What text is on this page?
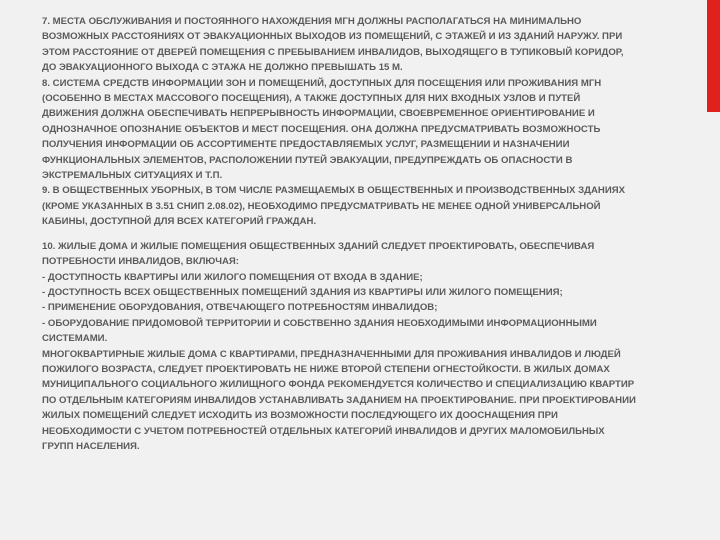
7. МЕСТА ОБСЛУЖИВАНИЯ И ПОСТОЯННОГО НАХОЖДЕНИЯ МГН ДОЛЖНЫ РАСПОЛАГАТЬСЯ НА МИНИМАЛЬНО ВОЗМОЖНЫХ РАССТОЯНИЯХ ОТ ЭВАКУАЦИОННЫХ ВЫХОДОВ ИЗ ПОМЕЩЕНИЙ, С ЭТАЖЕЙ И ИЗ ЗДАНИЙ НАРУЖУ. ПРИ ЭТОМ РАССТОЯНИЕ ОТ ДВЕРЕЙ ПОМЕЩЕНИЯ С ПРЕБЫВАНИЕМ ИНВАЛИДОВ, ВЫХОДЯЩЕГО В ТУПИКОВЫЙ КОРИДОР, ДО ЭВАКУАЦИОННОГО ВЫХОДА С ЭТАЖА НЕ ДОЛЖНО ПРЕВЫШАТЬ 15 М.

8. СИСТЕМА СРЕДСТВ ИНФОРМАЦИИ ЗОН И ПОМЕЩЕНИЙ, ДОСТУПНЫХ ДЛЯ ПОСЕЩЕНИЯ ИЛИ ПРОЖИВАНИЯ МГН (ОСОБЕННО В МЕСТАХ МАССОВОГО ПОСЕЩЕНИЯ), А ТАКЖЕ ДОСТУПНЫХ ДЛЯ НИХ ВХОДНЫХ УЗЛОВ И ПУТЕЙ ДВИЖЕНИЯ ДОЛЖНА ОБЕСПЕЧИВАТЬ НЕПРЕРЫВНОСТЬ ИНФОРМАЦИИ, СВОЕВРЕМЕННОЕ ОРИЕНТИРОВАНИЕ И ОДНОЗНАЧНОЕ ОПОЗНАНИЕ ОБЪЕКТОВ И МЕСТ ПОСЕЩЕНИЯ. ОНА ДОЛЖНА ПРЕДУСМАТРИВАТЬ ВОЗМОЖНОСТЬ ПОЛУЧЕНИЯ ИНФОРМАЦИИ ОБ АССОРТИМЕНТЕ ПРЕДОСТАВЛЯЕМЫХ УСЛУГ, РАЗМЕЩЕНИИ И НАЗНАЧЕНИИ ФУНКЦИОНАЛЬНЫХ ЭЛЕМЕНТОВ, РАСПОЛОЖЕНИИ ПУТЕЙ ЭВАКУАЦИИ, ПРЕДУПРЕЖДАТЬ ОБ ОПАСНОСТИ В ЭКСТРЕМАЛЬНЫХ СИТУАЦИЯХ И Т.П.

9. В ОБЩЕСТВЕННЫХ УБОРНЫХ, В ТОМ ЧИСЛЕ РАЗМЕЩАЕМЫХ В ОБЩЕСТВЕННЫХ И ПРОИЗВОДСТВЕННЫХ ЗДАНИЯХ (КРОМЕ УКАЗАННЫХ В 3.51 СНИП 2.08.02), НЕОБХОДИМО ПРЕДУСМАТРИВАТЬ НЕ МЕНЕЕ ОДНОЙ УНИВЕРСАЛЬНОЙ КАБИНЫ, ДОСТУПНОЙ ДЛЯ ВСЕХ КАТЕГОРИЙ ГРАЖДАН.

10. ЖИЛЫЕ ДОМА И ЖИЛЫЕ ПОМЕЩЕНИЯ ОБЩЕСТВЕННЫХ ЗДАНИЙ СЛЕДУЕТ ПРОЕКТИРОВАТЬ, ОБЕСПЕЧИВАЯ ПОТРЕБНОСТИ ИНВАЛИДОВ, ВКЛЮЧАЯ:
- ДОСТУПНОСТЬ КВАРТИРЫ ИЛИ ЖИЛОГО ПОМЕЩЕНИЯ ОТ ВХОДА В ЗДАНИЕ;
- ДОСТУПНОСТЬ ВСЕХ ОБЩЕСТВЕННЫХ ПОМЕЩЕНИЙ ЗДАНИЯ ИЗ КВАРТИРЫ ИЛИ ЖИЛОГО ПОМЕЩЕНИЯ;
- ПРИМЕНЕНИЕ ОБОРУДОВАНИЯ, ОТВЕЧАЮЩЕГО ПОТРЕБНОСТЯМ ИНВАЛИДОВ;
- ОБОРУДОВАНИЕ ПРИДОМОВОЙ ТЕРРИТОРИИ И СОБСТВЕННО ЗДАНИЯ НЕОБХОДИМЫМИ ИНФОРМАЦИОННЫМИ СИСТЕМАМИ.

МНОГОКВАРТИРНЫЕ ЖИЛЫЕ ДОМА С КВАРТИРАМИ, ПРЕДНАЗНАЧЕННЫМИ ДЛЯ ПРОЖИВАНИЯ ИНВАЛИДОВ И ЛЮДЕЙ ПОЖИЛОГО ВОЗРАСТА, СЛЕДУЕТ ПРОЕКТИРОВАТЬ НЕ НИЖЕ ВТОРОЙ СТЕПЕНИ ОГНЕСТОЙКОСТИ. В ЖИЛЫХ ДОМАХ МУНИЦИПАЛЬНОГО СОЦИАЛЬНОГО ЖИЛИЩНОГО ФОНДА РЕКОМЕНДУЕТСЯ КОЛИЧЕСТВО И СПЕЦИАЛИЗАЦИЮ КВАРТИР ПО ОТДЕЛЬНЫМ КАТЕГОРИЯМ ИНВАЛИДОВ УСТАНАВЛИВАТЬ ЗАДАНИЕМ НА ПРОЕКТИРОВАНИЕ. ПРИ ПРОЕКТИРОВАНИИ ЖИЛЫХ ПОМЕЩЕНИЙ СЛЕДУЕТ ИСХОДИТЬ ИЗ ВОЗМОЖНОСТИ ПОСЛЕДУЮЩЕГО ИХ ДООСНАЩЕНИЯ ПРИ НЕОБХОДИМОСТИ С УЧЕТОМ ПОТРЕБНОСТЕЙ ОТДЕЛЬНЫХ КАТЕГОРИЙ ИНВАЛИДОВ И ДРУГИХ МАЛОМОБИЛЬНЫХ ГРУПП НАСЕЛЕНИЯ.
